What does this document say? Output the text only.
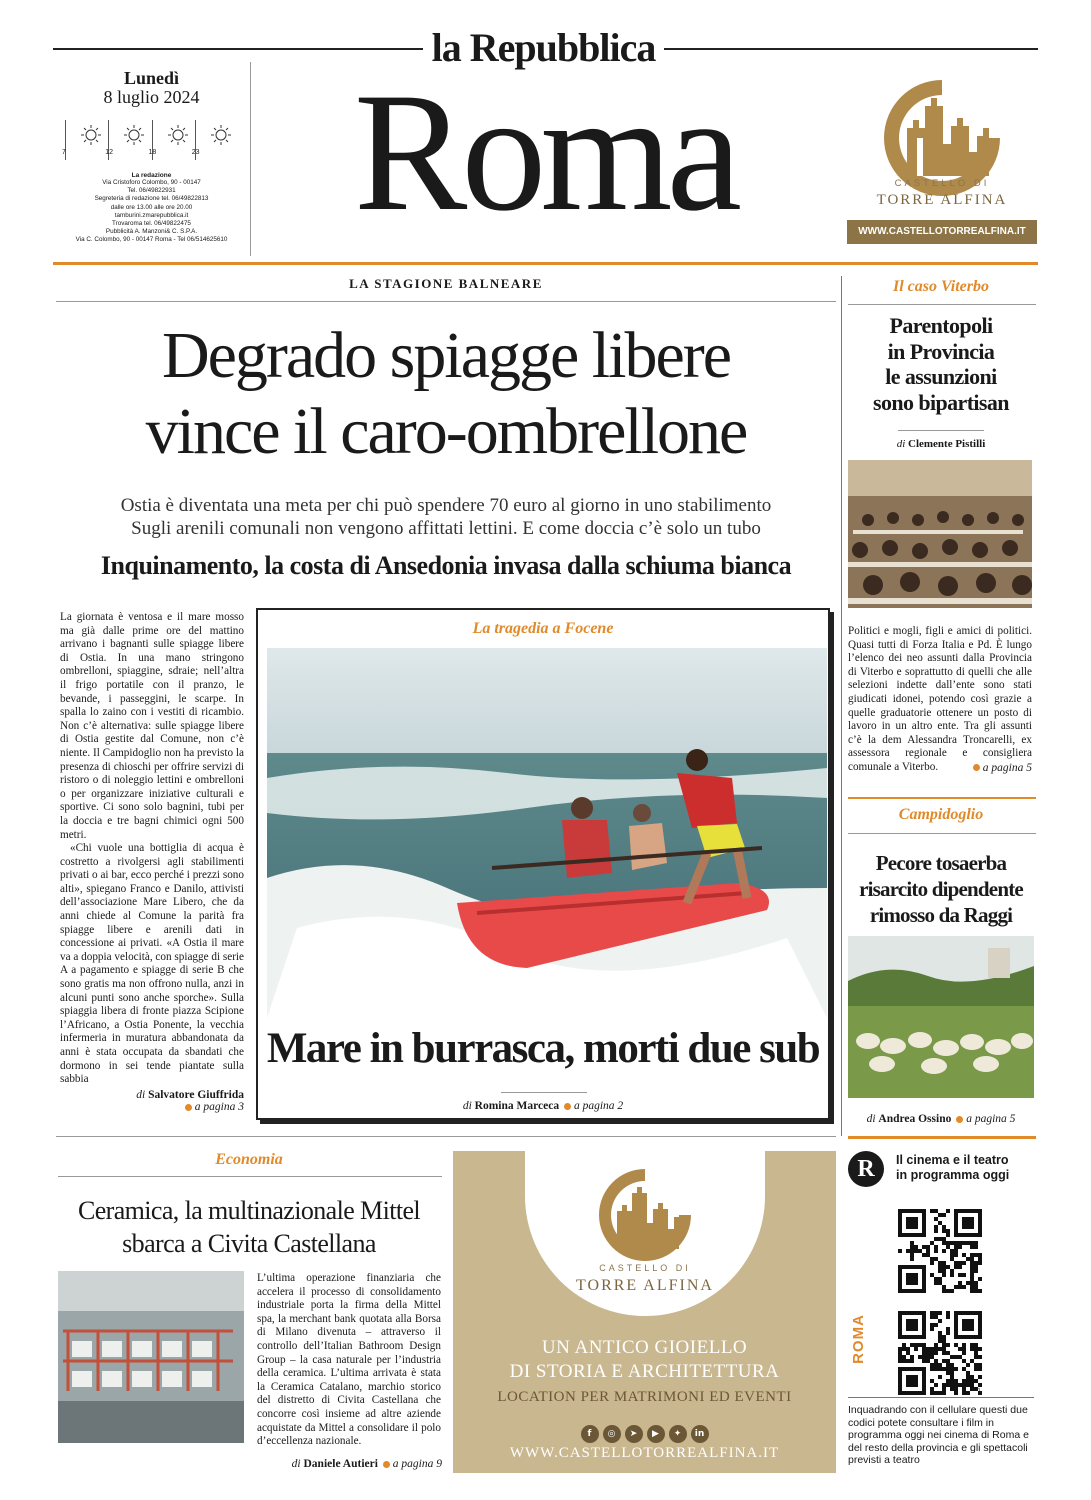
la Repubblica
Lunedì
8 luglio 2024
7	12	18	23
La redazione
Via Cristoforo Colombo, 90 - 00147
Tel. 06/49822931
Segreteria di redazione tel. 06/49822813
dalle ore 13.00 alle ore 20.00
tamburini.zmarepubblica.it
Trovaroma tel. 06/49822475
Pubblicità A. Manzoni& C. S.P.A.
Via C. Colombo, 90 - 00147 Roma - Tel 06/514625610 Roma	CASTELLO DI
TORRE ALFINA
WWW.CASTELLOTORREALFINA.IT
LA STAGIONE BALNEARE
Degrado spiagge libere
vince il caro-ombrellone
Ostia è diventata una meta per chi può spendere 70 euro al giorno in uno stabilimento
Sugli arenili comunali non vengono affittati lettini. E come doccia c’è solo un tubo
Inquinamento, la costa di Ansedonia invasa dalla schiuma bianca

La giornata è ventosa e il mare mosso ma già dalle prime ore del mattino arrivano i bagnanti sulle spiagge libere di Ostia. In una mano stringono ombrelloni, spiaggine, sdraie; nell’altra il frigo portatile con il pranzo, le bevande, i passeggini, le scarpe. In spalla lo zaino con i vestiti di ricambio. Non c’è alternativa: sulle spiagge libere di Ostia gestite dal Comune, non c’è niente. Il Campidoglio non ha previsto la presenza di chioschi per offrire servizi di ristoro o di noleggio lettini e ombrelloni o per organizzare iniziative culturali e sportive. Ci sono solo bagnini, tubi per la doccia e tre bagni chimici ogni 500 metri.

«Chi vuole una bottiglia di acqua è costretto a rivolgersi agli stabilimenti privati o ai bar, ecco perché i prezzi sono alti», spiegano Franco e Danilo, attivisti dell’associazione Mare Libero, che da anni chiede al Comune la parità fra spiagge libere e arenili dati in concessione ai privati. «A Ostia il mare va a doppia velocità, con spiagge di serie A a pagamento e spiagge di serie B che sono gratis ma non offrono nulla, anzi in alcuni punti sono anche sporche». Sulla spiaggia libera di fronte piazza Scipione l’Africano, a Ostia Ponente, la vecchia infermeria in muratura abbandonata da anni è stata occupata da sbandati che dormono in sei tende piantate sulla sabbia

di Salvatore Giuffrida
a pagina 3
La tragedia a Focene
Mare in burrasca, morti due sub
di Romina Marceca a pagina 2
Il caso Viterbo
Parentopoli
in Provincia
le assunzioni
sono bipartisan
di Clemente Pistilli

Politici e mogli, figli e amici di politici. Quasi tutti di Forza Italia e Pd. È lungo l’elenco dei neo assunti dalla Provincia di Viterbo e soprattutto di quelli che alle selezioni indette dall’ente sono stati giudicati idonei, potendo così grazie a quelle graduatorie ottenere un posto di lavoro in un altro ente. Tra gli assunti c’è la dem Alessandra Troncarelli, ex assessora regionale e consigliera comunale a Viterbo.	a pagina 5
Campidoglio
Pecore tosaerba
risarcito dipendente
rimosso da Raggi
di Andrea Ossino a pagina 5
Economia
Ceramica, la multinazionale Mittel
sbarca a Civita Castellana

L’ultima operazione finanziaria che accelera il processo di consolidamento industriale porta la firma della Mittel spa, la merchant bank quotata alla Borsa di Milano divenuta – attraverso il controllo dell’Italian Bathroom Design Group – la casa naturale per l’industria della ceramica. L’ultima arrivata è stata la Ceramica Catalano, marchio storico del distretto di Civita Castellana che concorre così insieme ad altre aziende acquistate da Mittel a consolidare il polo d’eccellenza nazionale.

di Daniele Autieri a pagina 9
CASTELLO DI
TORRE ALFINA
UN ANTICO GIOIELLO
DI STORIA E ARCHITETTURA
LOCATION PER MATRIMONI ED EVENTI
f ◎ ➤ ▶ ✦ in
WWW.CASTELLOTORREALFINA.IT
R	Il cinema e il teatro
in programma oggi
ROMA
film
Inquadrando con il cellulare questi due codici potete consultare i film in programma oggi nei cinema di Roma e del resto della provincia e gli spettacoli previsti a teatro
